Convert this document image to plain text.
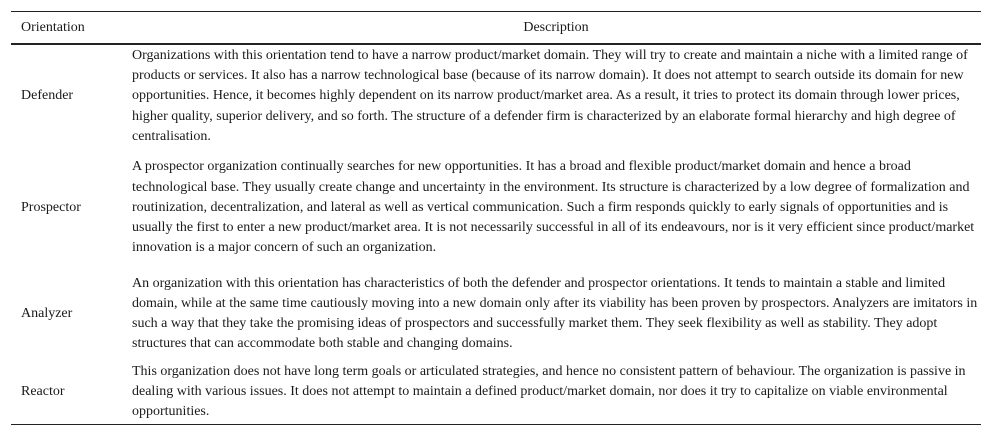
Orientation	Description
Defender	Organizations with this orientation tend to have a narrow product/market domain. They will try to create and maintain a niche with a limited range of products or services. It also has a narrow technological base (because of its narrow domain). It does not attempt to search outside its domain for new opportunities. Hence, it becomes highly dependent on its narrow product/market area. As a result, it tries to protect its domain through lower prices, higher quality, superior delivery, and so forth. The structure of a defender firm is characterized by an elaborate formal hierarchy and high degree of centralisation.
Prospector	A prospector organization continually searches for new opportunities. It has a broad and flexible product/market domain and hence a broad technological base. They usually create change and uncertainty in the environment. Its structure is characterized by a low degree of formalization and routinization, decentralization, and lateral as well as vertical communication. Such a firm responds quickly to early signals of opportunities and is usually the first to enter a new product/market area. It is not necessarily successful in all of its endeavours, nor is it very efficient since product/market innovation is a major concern of such an organization.
Analyzer	An organization with this orientation has characteristics of both the defender and prospector orientations. It tends to maintain a stable and limited domain, while at the same time cautiously moving into a new domain only after its viability has been proven by prospectors. Analyzers are imitators in such a way that they take the promising ideas of prospectors and successfully market them. They seek flexibility as well as stability. They adopt structures that can accommodate both stable and changing domains.
Reactor	This organization does not have long term goals or articulated strategies, and hence no consistent pattern of behaviour. The organization is passive in dealing with various issues. It does not attempt to maintain a defined product/market domain, nor does it try to capitalize on viable environmental opportunities.
